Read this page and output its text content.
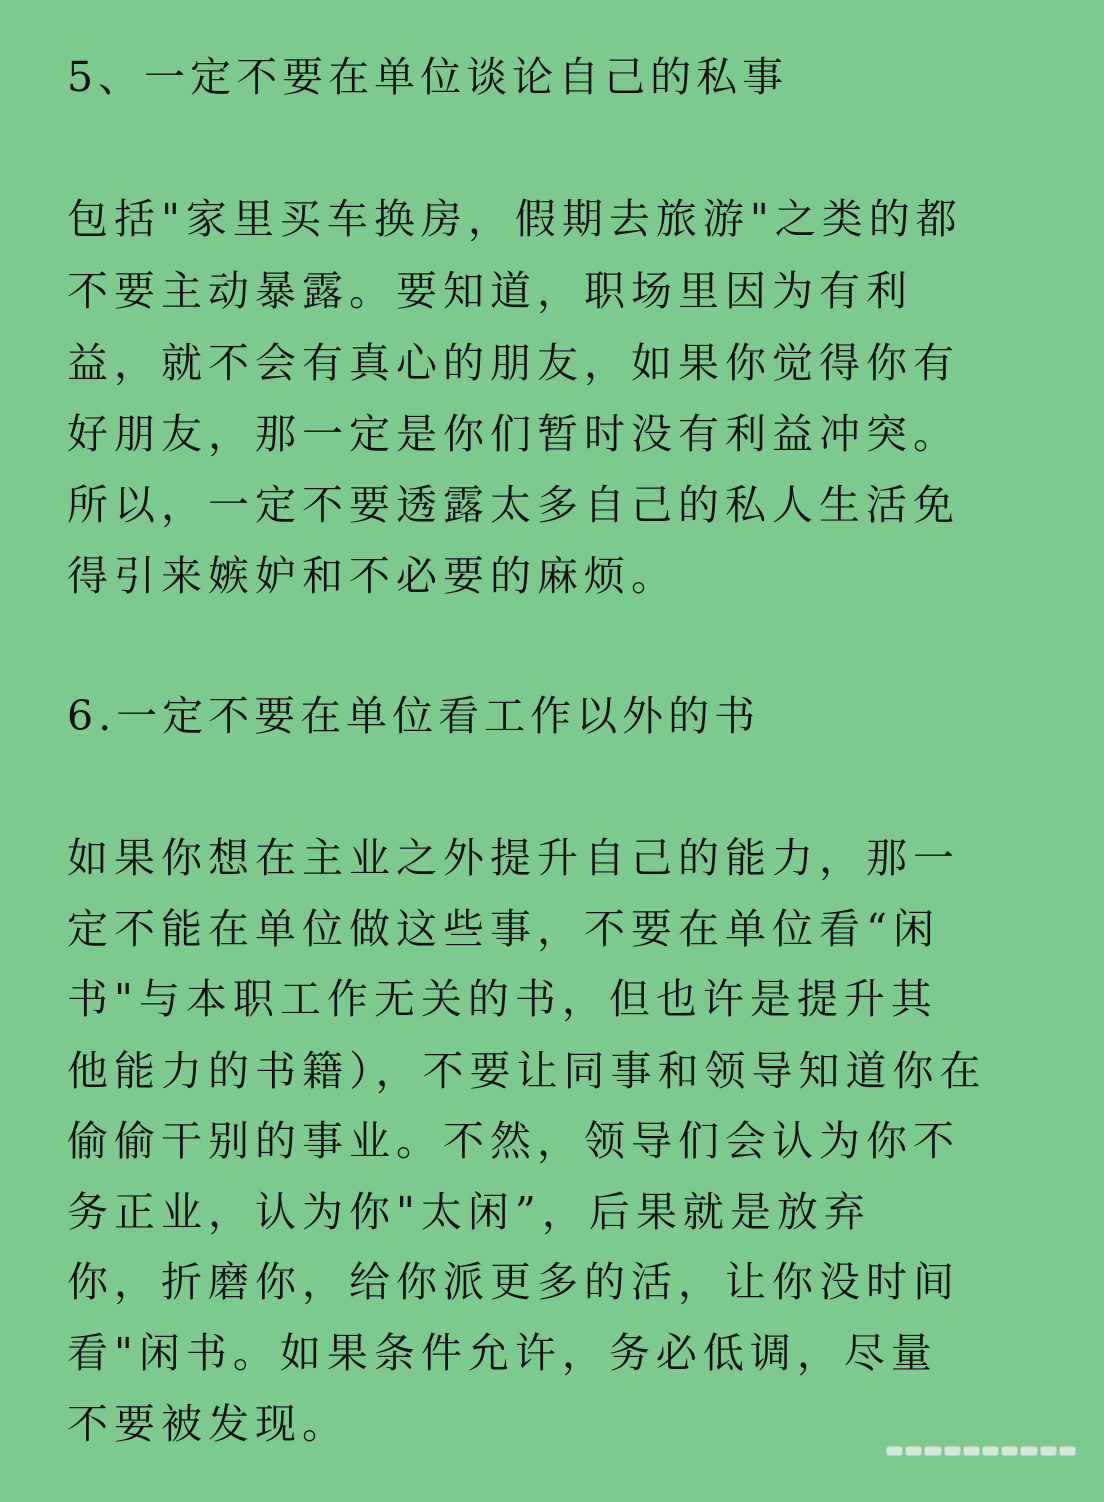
5、一定不要在单位谈论自己的私事

包括"家里买车换房，假期去旅游"之类的都

不要主动暴露。要知道，职场里因为有利

益，就不会有真心的朋友，如果你觉得你有

好朋友，那一定是你们暂时没有利益冲突。

所以，一定不要透露太多自己的私人生活免

得引来嫉妒和不必要的麻烦。

6.一定不要在单位看工作以外的书

如果你想在主业之外提升自己的能力，那一

定不能在单位做这些事，不要在单位看“闲

书"与本职工作无关的书，但也许是提升其

他能力的书籍），不要让同事和领导知道你在

偷偷干别的事业。不然，领导们会认为你不

务正业，认为你"太闲”，后果就是放弃

你，折磨你，给你派更多的活，让你没时间

看"闲书。如果条件允许，务必低调，尽量

不要被发现。
